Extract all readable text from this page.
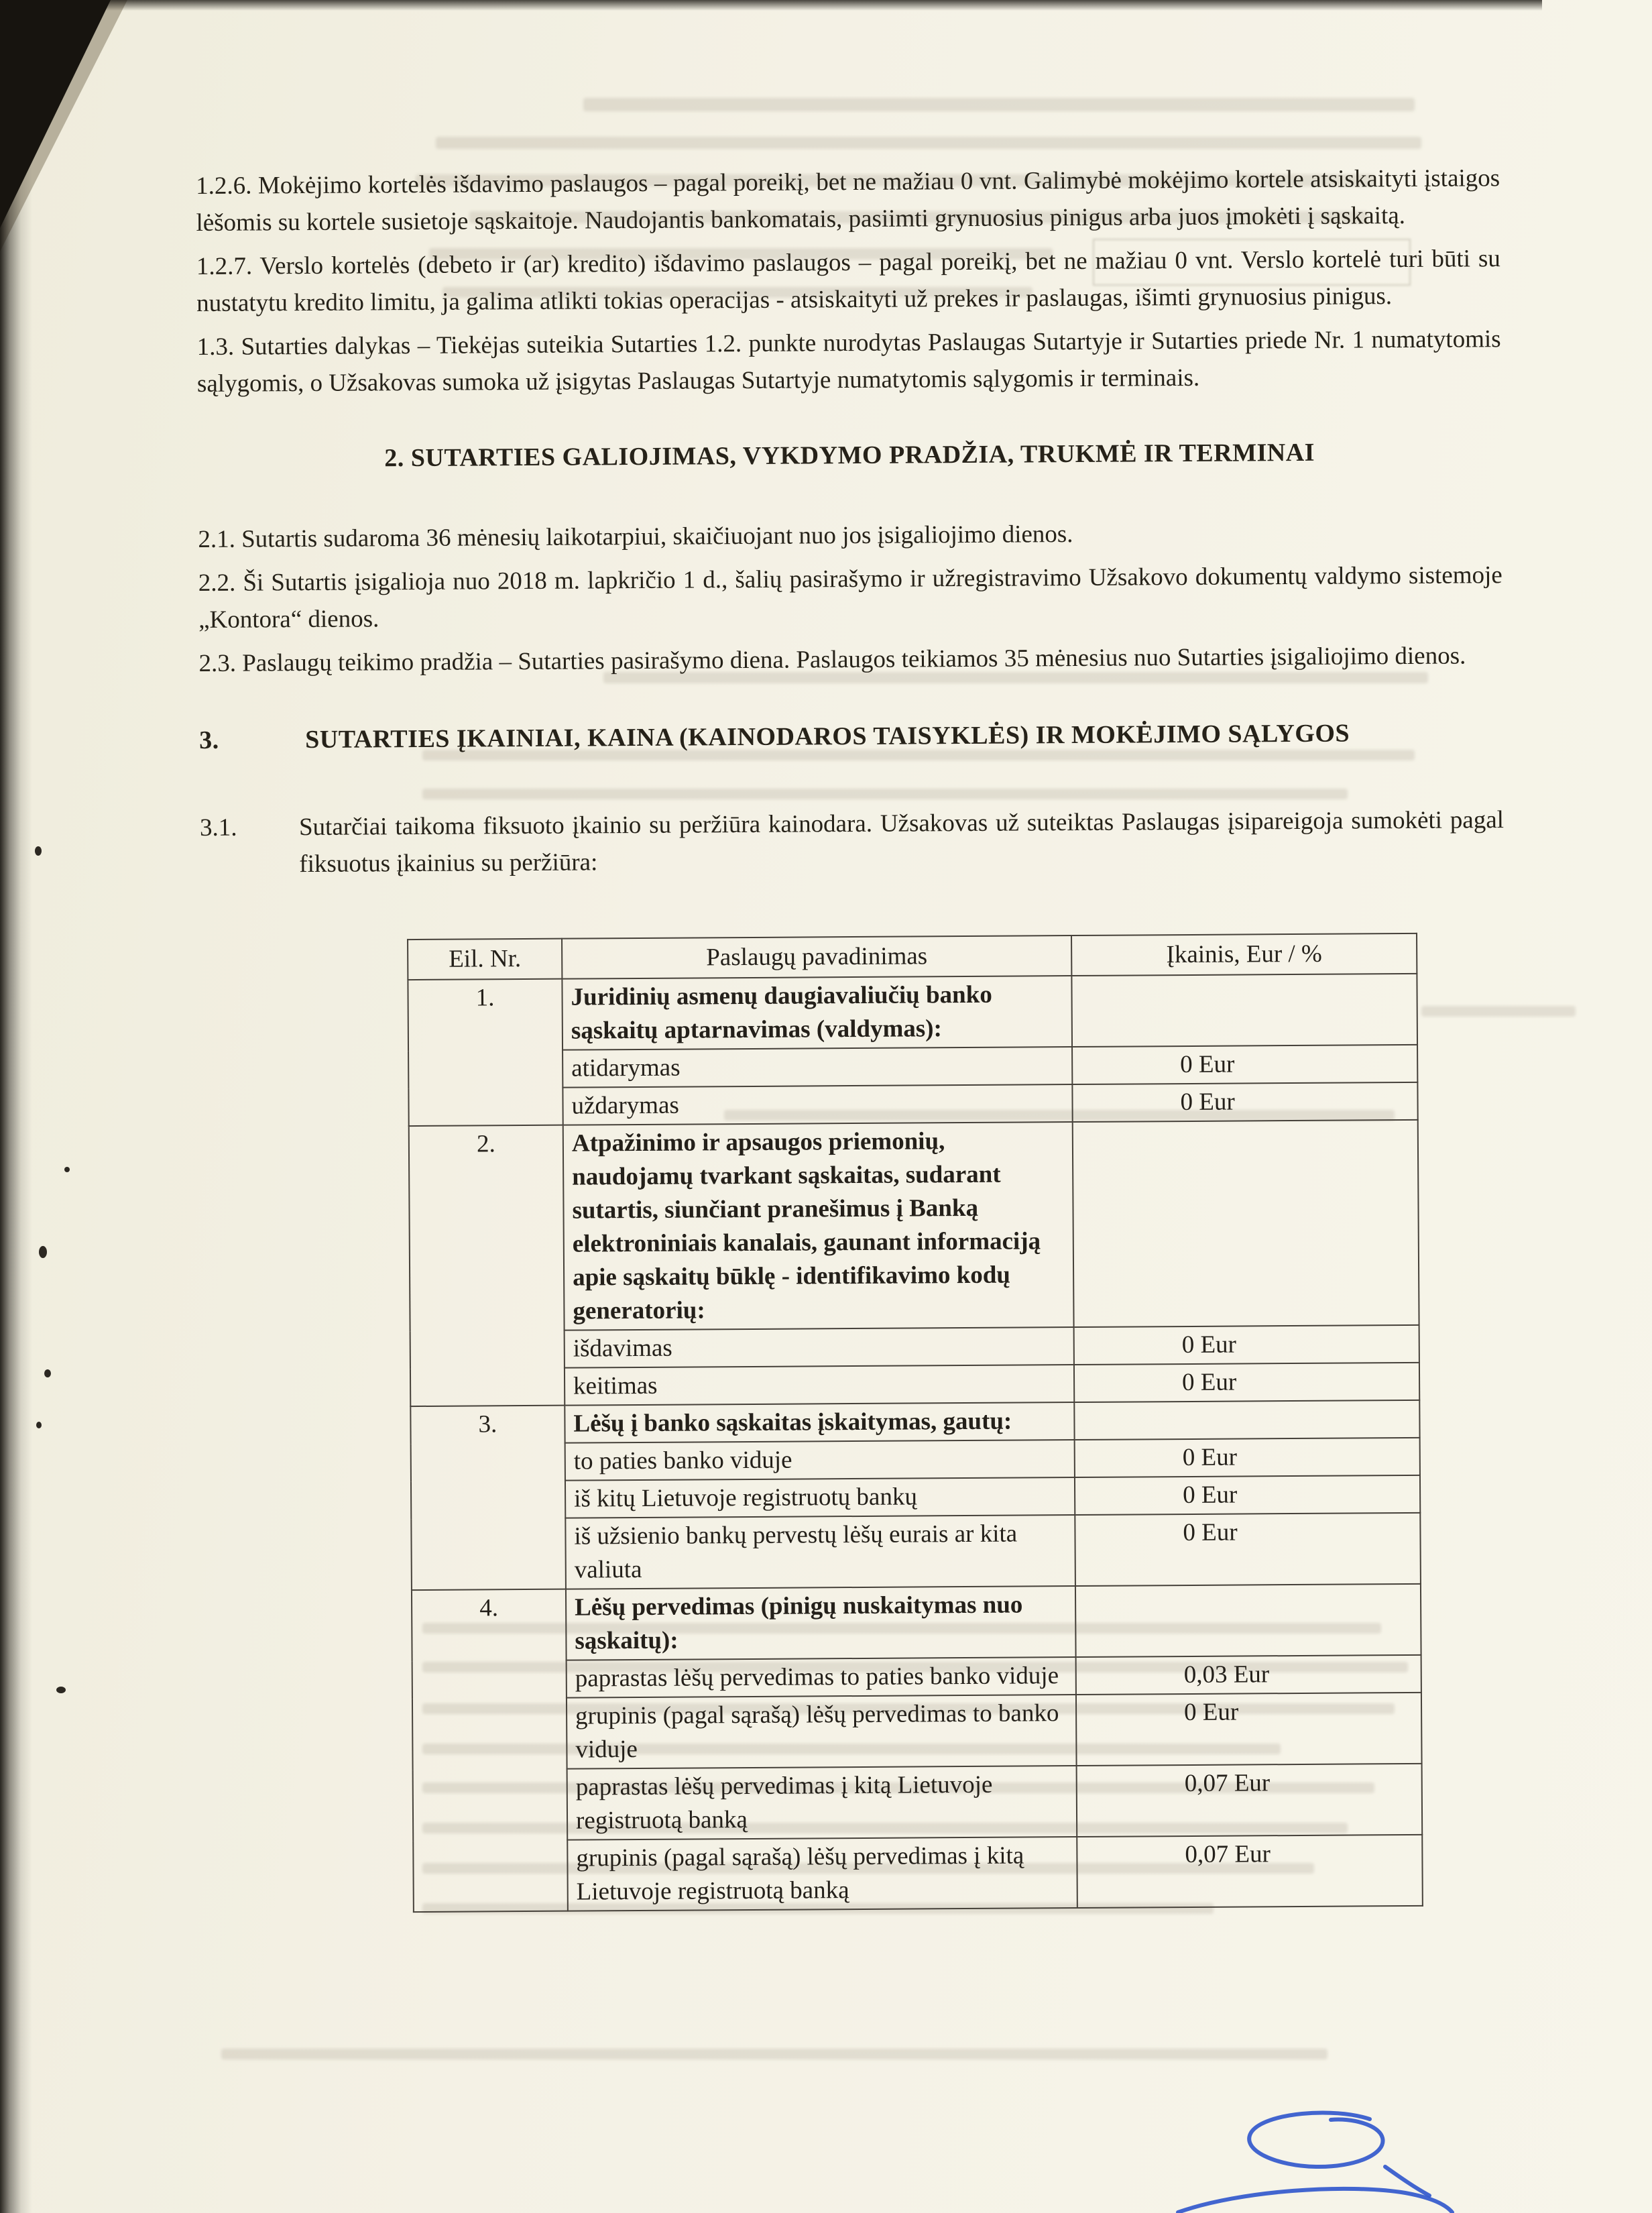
1.2.6. Mokėjimo kortelės išdavimo paslaugos – pagal poreikį, bet ne mažiau 0 vnt. Galimybė mokėjimo kortele atsiskaityti įstaigos lėšomis su kortele susietoje sąskaitoje. Naudojantis bankomatais, pasiimti grynuosius pinigus arba juos įmokėti į sąskaitą.

1.2.7. Verslo kortelės (debeto ir (ar) kredito) išdavimo paslaugos – pagal poreikį, bet ne mažiau 0 vnt. Verslo kortelė turi būti su nustatytu kredito limitu, ja galima atlikti tokias operacijas - atsiskaityti už prekes ir paslaugas, išimti grynuosius pinigus.

1.3. Sutarties dalykas – Tiekėjas suteikia Sutarties 1.2. punkte nurodytas Paslaugas Sutartyje ir Sutarties priede Nr. 1 numatytomis sąlygomis, o Užsakovas sumoka už įsigytas Paslaugas Sutartyje numatytomis sąlygomis ir terminais.

2. SUTARTIES GALIOJIMAS, VYKDYMO PRADŽIA, TRUKMĖ IR TERMINAI

2.1. Sutartis sudaroma 36 mėnesių laikotarpiui, skaičiuojant nuo jos įsigaliojimo dienos.

2.2. Ši Sutartis įsigalioja nuo 2018 m. lapkričio 1 d., šalių pasirašymo ir užregistravimo Užsakovo dokumentų valdymo sistemoje „Kontora“ dienos.

2.3. Paslaugų teikimo pradžia – Sutarties pasirašymo diena. Paslaugos teikiamos 35 mėnesius nuo Sutarties įsigaliojimo dienos.

3.	SUTARTIES ĮKAINIAI, KAINA (KAINODAROS TAISYKLĖS) IR MOKĖJIMO SĄLYGOS
3.1.	Sutarčiai taikoma fiksuoto įkainio su peržiūra kainodara. Užsakovas už suteiktas Paslaugas įsipareigoja sumokėti pagal fiksuotus įkainius su peržiūra:
Eil. Nr.	Paslaugų pavadinimas	Įkainis, Eur / %
1.	Juridinių asmenų daugiavaliučių banko sąskaitų aptarnavimas (valdymas):	
	atidarymas	0 Eur
	uždarymas	0 Eur
2.	Atpažinimo ir apsaugos priemonių, naudojamų tvarkant sąskaitas, sudarant sutartis, siunčiant pranešimus į Banką elektroniniais kanalais, gaunant informaciją apie sąskaitų būklę - identifikavimo kodų generatorių:	
	išdavimas	0 Eur
	keitimas	0 Eur
3.	Lėšų į banko sąskaitas įskaitymas, gautų:	
	to paties banko viduje	0 Eur
	iš kitų Lietuvoje registruotų bankų	0 Eur
	iš užsienio bankų pervestų lėšų eurais ar kita valiuta	0 Eur
4.	Lėšų pervedimas (pinigų nuskaitymas nuo sąskaitų):	
	paprastas lėšų pervedimas to paties banko viduje	0,03 Eur
	grupinis (pagal sąrašą) lėšų pervedimas to banko viduje	0 Eur
	paprastas lėšų pervedimas į kitą Lietuvoje registruotą banką	0,07 Eur
	grupinis (pagal sąrašą) lėšų pervedimas į kitą Lietuvoje registruotą banką	0,07 Eur
